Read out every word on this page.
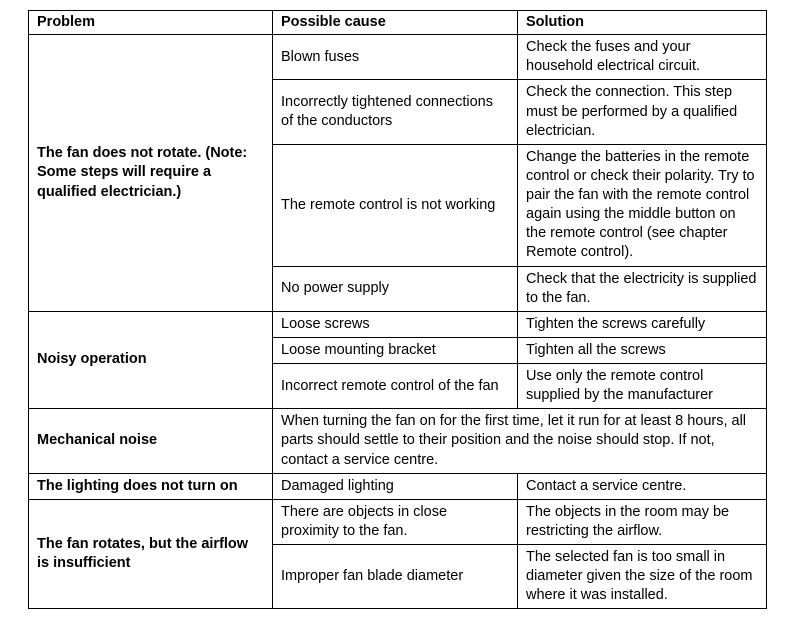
Problem	Possible cause	Solution
The fan does not rotate. (Note: Some steps will require a qualified electrician.)	Blown fuses	Check the fuses and your household electrical circuit.
	Incorrectly tightened connections of the conductors	Check the connection. This step must be performed by a qualified electrician.
	The remote control is not working	Change the batteries in the remote control or check their polarity. Try to pair the fan with the remote control again using the middle button on the remote control (see chapter Remote control).
	No power supply	Check that the electricity is supplied to the fan.
Noisy operation	Loose screws	Tighten the screws carefully
	Loose mounting bracket	Tighten all the screws
	Incorrect remote control of the fan	Use only the remote control supplied by the manufacturer
Mechanical noise	When turning the fan on for the first time, let it run for at least 8 hours, all parts should settle to their position and the noise should stop. If not, contact a service centre.	
The lighting does not turn on	Damaged lighting	Contact a service centre.
The fan rotates, but the airflow is insufficient	There are objects in close proximity to the fan.	The objects in the room may be restricting the airflow.
	Improper fan blade diameter	The selected fan is too small in diameter given the size of the room where it was installed.
